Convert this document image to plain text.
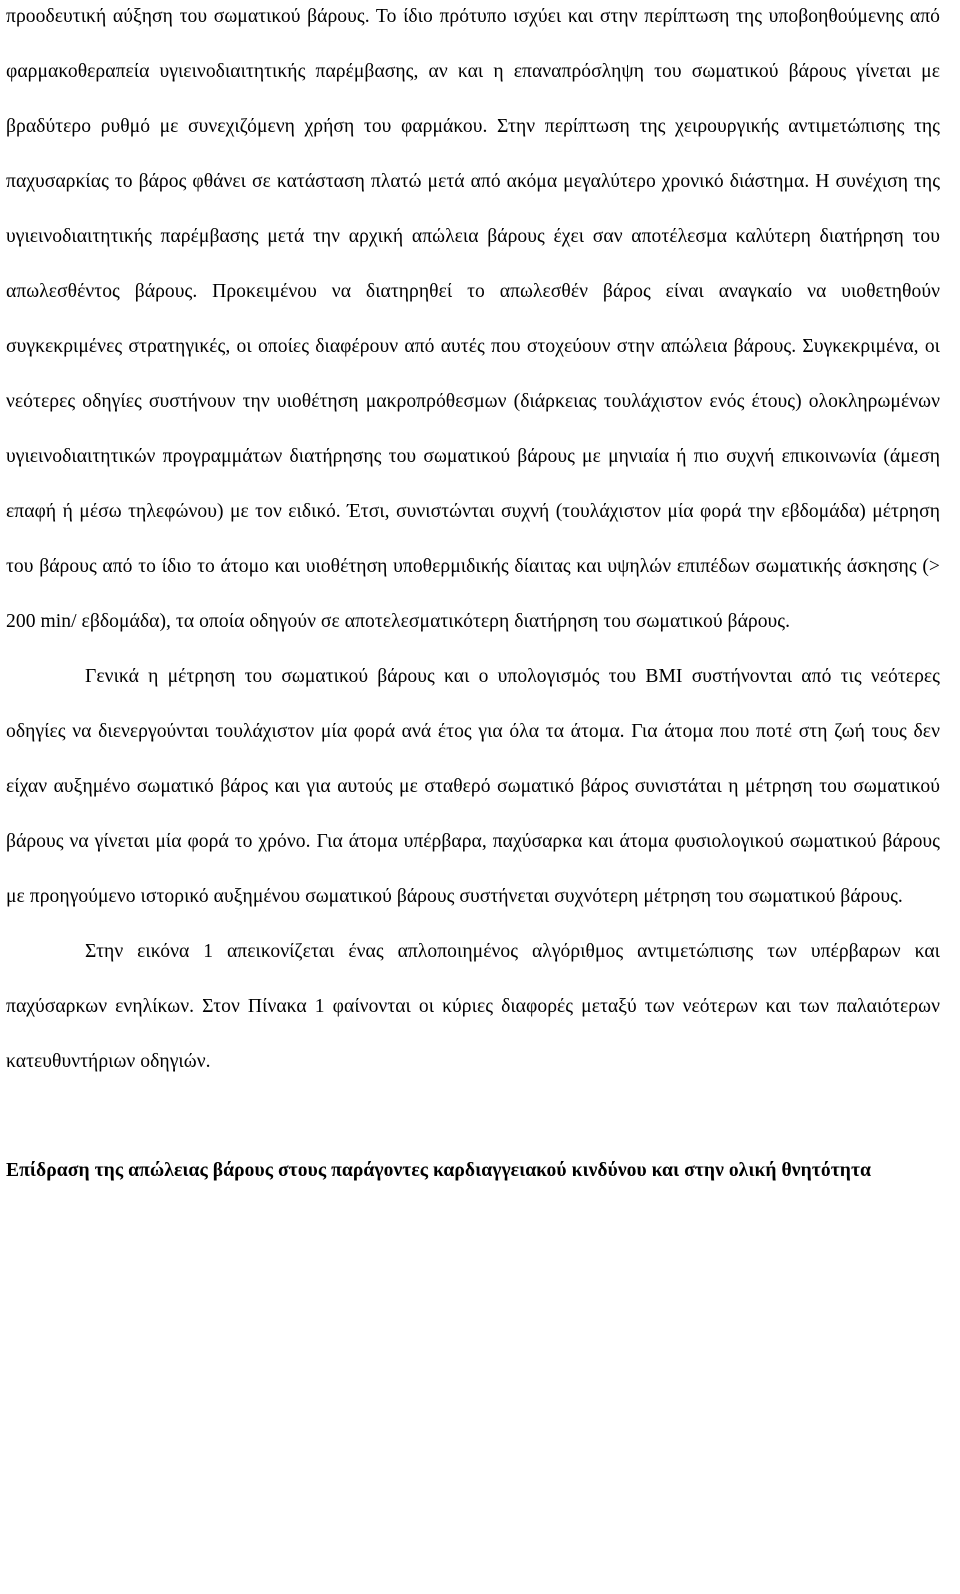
προοδευτική αύξηση του σωματικού βάρους. Το ίδιο πρότυπο ισχύει και στην περίπτωση της υποβοηθούμενης από φαρμακοθεραπεία υγιεινοδιαιτητικής παρέμβασης, αν και η επαναπρόσληψη του σωματικού βάρους γίνεται με βραδύτερο ρυθμό με συνεχιζόμενη χρήση του φαρμάκου. Στην περίπτωση της χειρουργικής αντιμετώπισης της παχυσαρκίας το βάρος φθάνει σε κατάσταση πλατώ μετά από ακόμα μεγαλύτερο χρονικό διάστημα. Η συνέχιση της υγιεινοδιαιτητικής παρέμβασης μετά την αρχική απώλεια βάρους έχει σαν αποτέλεσμα καλύτερη διατήρηση του απωλεσθέντος βάρους. Προκειμένου να διατηρηθεί το απωλεσθέν βάρος είναι αναγκαίο να υιοθετηθούν συγκεκριμένες στρατηγικές, οι οποίες διαφέρουν από αυτές που στοχεύουν στην απώλεια βάρους. Συγκεκριμένα, οι νεότερες οδηγίες συστήνουν την υιοθέτηση μακροπρόθεσμων (διάρκειας τουλάχιστον ενός έτους) ολοκληρωμένων υγιεινοδιαιτητικών προγραμμάτων διατήρησης του σωματικού βάρους με μηνιαία ή πιο συχνή επικοινωνία (άμεση επαφή ή μέσω τηλεφώνου) με τον ειδικό. Έτσι, συνιστώνται συχνή (τουλάχιστον μία φορά την εβδομάδα) μέτρηση του βάρους από το ίδιο το άτομο και υιοθέτηση υποθερμιδικής δίαιτας και υψηλών επιπέδων σωματικής άσκησης (> 200 min/ εβδομάδα), τα οποία οδηγούν σε αποτελεσματικότερη διατήρηση του σωματικού βάρους.

Γενικά η μέτρηση του σωματικού βάρους και ο υπολογισμός του BMI συστήνονται από τις νεότερες οδηγίες να διενεργούνται τουλάχιστον μία φορά ανά έτος για όλα τα άτομα. Για άτομα που ποτέ στη ζωή τους δεν είχαν αυξημένο σωματικό βάρος και για αυτούς με σταθερό σωματικό βάρος συνιστάται η μέτρηση του σωματικού βάρους να γίνεται μία φορά το χρόνο. Για άτομα υπέρβαρα, παχύσαρκα και άτομα φυσιολογικού σωματικού βάρους με προηγούμενο ιστορικό αυξημένου σωματικού βάρους συστήνεται συχνότερη μέτρηση του σωματικού βάρους.

Στην εικόνα 1 απεικονίζεται ένας απλοποιημένος αλγόριθμος αντιμετώπισης των υπέρβαρων και παχύσαρκων ενηλίκων. Στον Πίνακα 1 φαίνονται οι κύριες διαφορές μεταξύ των νεότερων και των παλαιότερων κατευθυντήριων οδηγιών.

Επίδραση της απώλειας βάρους στους παράγοντες καρδιαγγειακού κινδύνου και στην ολική θνητότητα
